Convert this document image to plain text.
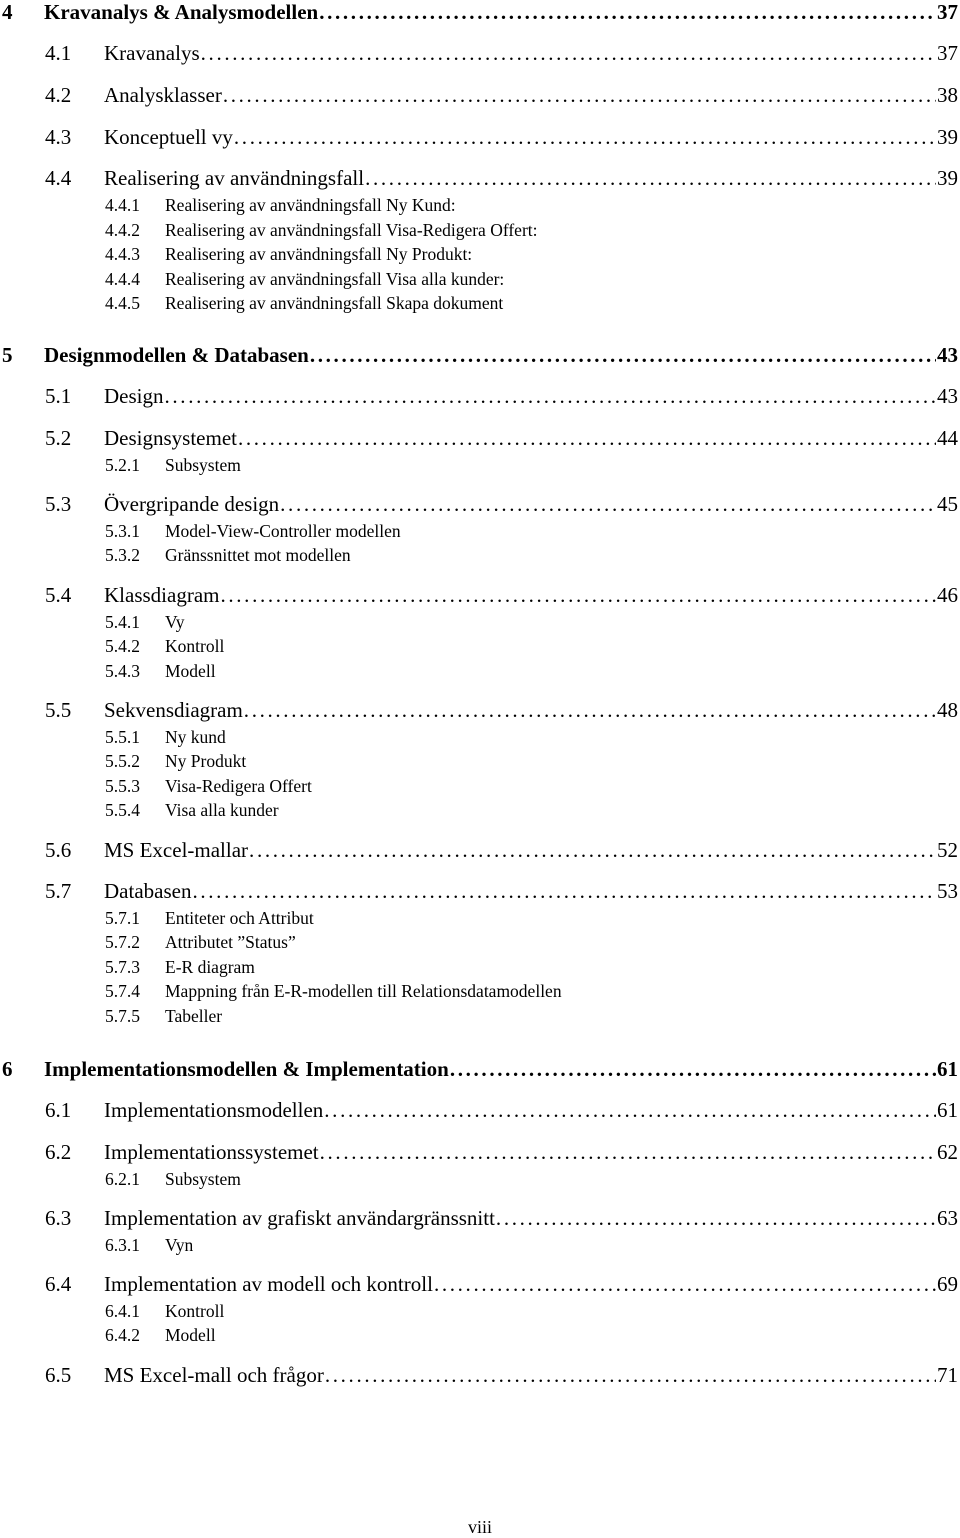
4	Kravanalys & Analysmodellen . . .	37
4.1	Kravanalys . . .	37
4.2	Analysklasser . . .	38
4.3	Konceptuell vy . . .	39
4.4	Realisering av användningsfall . . .	39
4.4.1	Realisering av användningsfall Ny Kund:
4.4.2	Realisering av användningsfall Visa-Redigera Offert:
4.4.3	Realisering av användningsfall Ny Produkt:
4.4.4	Realisering av användningsfall Visa alla kunder:
4.4.5	Realisering av användningsfall Skapa dokument
5	Designmodellen & Databasen . . .	43
5.1	Design . . .	43
5.2	Designsystemet . . .	44
5.2.1	Subsystem
5.3	Övergripande design . . .	45
5.3.1	Model-View-Controller modellen
5.3.2	Gränssnittet mot modellen
5.4	Klassdiagram . . .	46
5.4.1	Vy
5.4.2	Kontroll
5.4.3	Modell
5.5	Sekvensdiagram . . .	48
5.5.1	Ny kund
5.5.2	Ny Produkt
5.5.3	Visa-Redigera Offert
5.5.4	Visa alla kunder
5.6	MS Excel-mallar . . .	52
5.7	Databasen . . .	53
5.7.1	Entiteter och Attribut
5.7.2	Attributet ”Status”
5.7.3	E-R diagram
5.7.4	Mappning från E-R-modellen till Relationsdatamodellen
5.7.5	Tabeller
6	Implementationsmodellen & Implementation . . .	61
6.1	Implementationsmodellen . . .	61
6.2	Implementationssystemet . . .	62
6.2.1	Subsystem
6.3	Implementation av grafiskt användargränssnitt . . .	63
6.3.1	Vyn
6.4	Implementation av modell och kontroll . . .	69
6.4.1	Kontroll
6.4.2	Modell
6.5	MS Excel-mall och frågor . . .	71
viii
